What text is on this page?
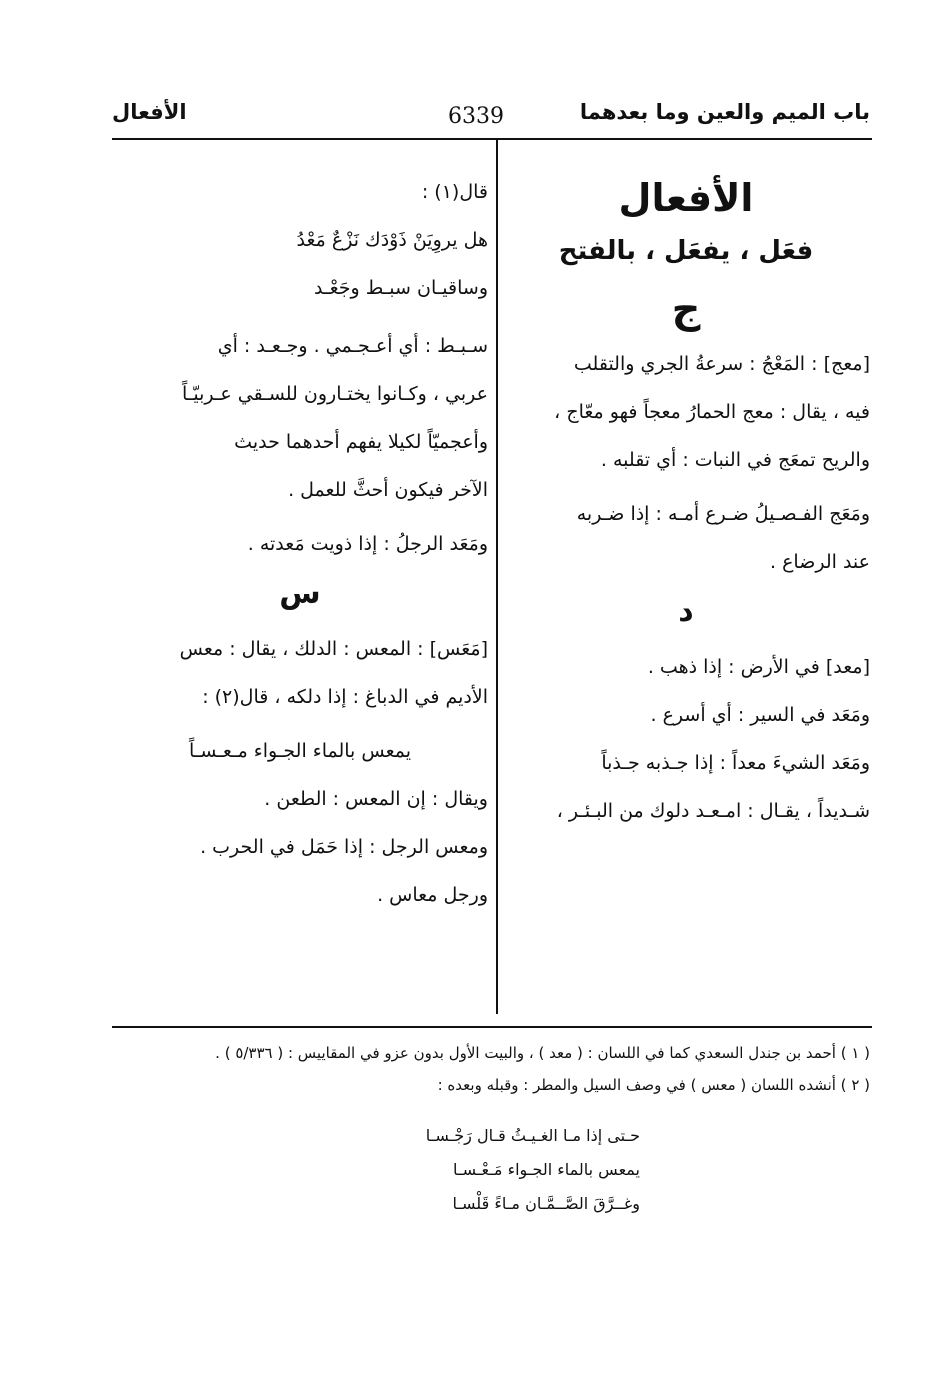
باب الميم والعين وما بعدهما
6339
الأفعال
الأفعال
فعَل ، يفعَل ، بالفتح
ج
[معج] : المَعْجُ : سرعةُ الجري والتقلب
فيه ، يقال : معج الحمارُ معجاً فهو معّاج ،
والريح تمعَج في النبات : أي تقلبه .
ومَعَج الفـصـيلُ ضـرع أمـه : إذا ضـربه
عند الرضاع .
د
[معد] في الأرض : إذا ذهب .
ومَعَد في السير : أي أسرع .
ومَعَد الشيءَ معداً : إذا جـذبه جـذباً
شـديداً ، يقـال : امـعـد دلوك من البـئـر ،
قال(١) :
هل يروِيَنْ ذَوْدَك نَزْعٌ مَعْدُ
وساقيـان سبـط وجَعْـد
سـبـط : أي أعـجـمي . وجـعـد : أي
عربي ، وكـانوا يختـارون للسـقي عـربيّـاً
وأعجميّاً لكيلا يفهم أحدهما حديث
الآخر فيكون أحثَّ للعمل .
ومَعَد الرجلُ : إذا ذويت مَعدته .
س
[مَعَس] : المعس : الدلك ، يقال : معس
الأديم في الدباغ : إذا دلكه ، قال(٢) :
يمعس بالماء الجـواء مـعـسـاً
ويقال : إن المعس : الطعن .
ومعس الرجل : إذا حَمَل في الحرب .
ورجل معاس .
( ١ ) أحمد بن جندل السعدي كما في اللسان : ( معد ) ، والبيت الأول بدون عزو في المقاييس : ( ٥/٣٣٦ ) .
( ٢ ) أنشده اللسان ( معس ) في وصف السيل والمطر : وقبله وبعده :
حـتى إذا مـا الغـيـثُ قـال رَجْـسـا
يمعس بالماء الجـواء مَـعْـسـا
وغــرَّقَ الصَّــمَّـان مـاءً قَلْسـا
